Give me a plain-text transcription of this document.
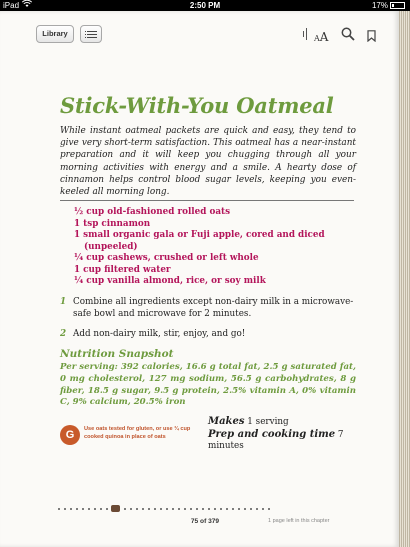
iPad	2:50 PM	17%
Library
AA
Stick-With-You Oatmeal

While instant oatmeal packets are quick and easy, they tend to give very short-term satisfaction. This oatmeal has a near-instant preparation and it will keep you chugging through all your morning activities with energy and a smile. A hearty dose of cinnamon helps control blood sugar levels, keeping you even-keeled all morning long.

½ cup old-fashioned rolled oats
1 tsp cinnamon
1 small organic gala or Fuji apple, cored and diced (unpeeled)
¼ cup cashews, crushed or left whole
1 cup filtered water
¼ cup vanilla almond, rice, or soy milk
1 Combine all ingredients except non-dairy milk in a microwave-safe bowl and microwave for 2 minutes.
2 Add non-dairy milk, stir, enjoy, and go!
Nutrition Snapshot

Per serving: 392 calories, 16.6 g total fat, 2.5 g saturated fat, 0 mg cholesterol, 127 mg sodium, 56.5 g carbohydrates, 8 g fiber, 18.5 g sugar, 9.5 g protein, 2.5% vitamin A, 0% vitamin C, 9% calcium, 20.5% iron

G	Use oats tested for gluten, or use ¾ cup cooked quinoa in place of oats
Makes 1 serving
Prep and cooking time 7 minutes
75 of 379	1 page left in this chapter
